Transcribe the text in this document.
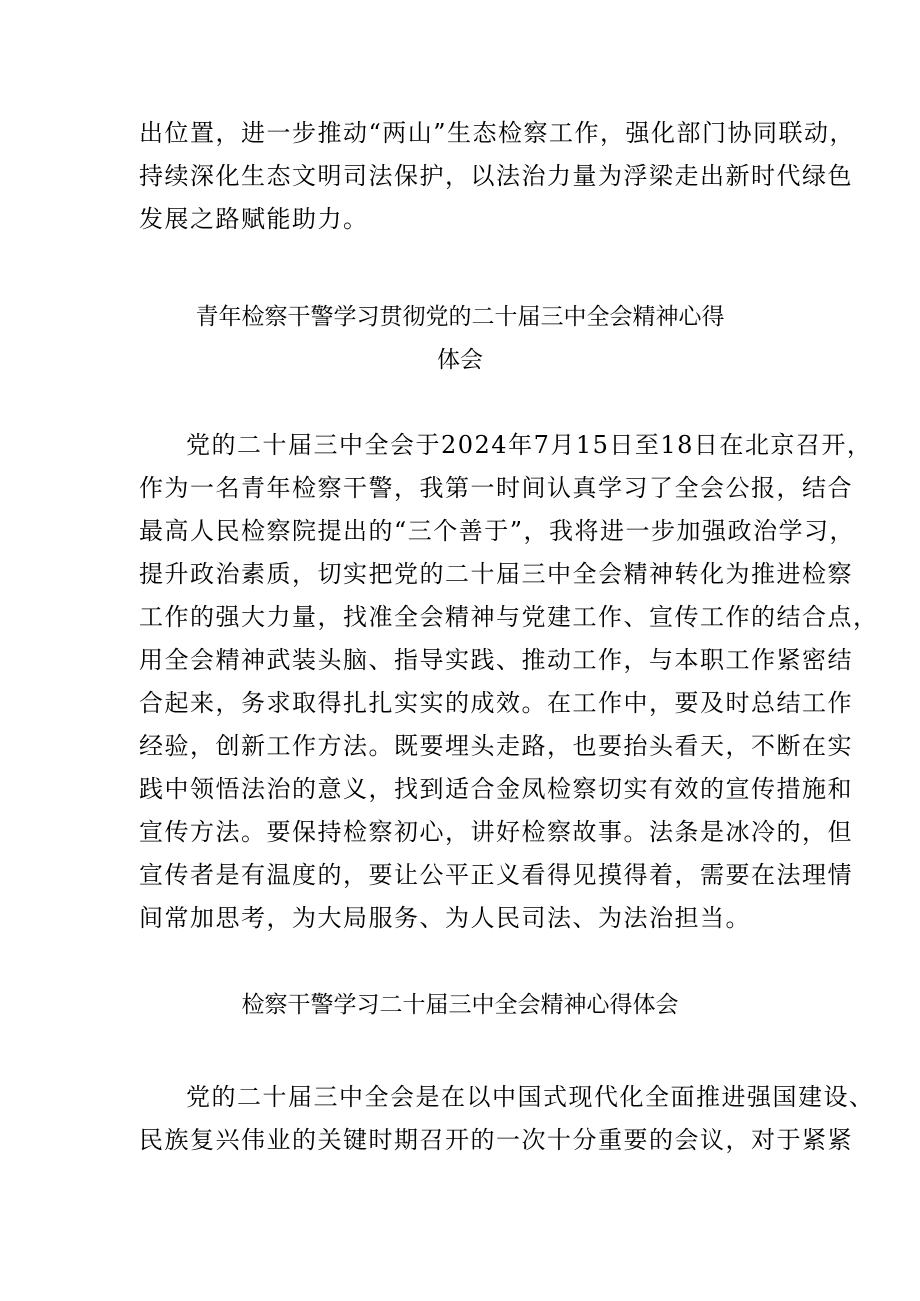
出位置，进一步推动“两山”生态检察工作，强化部门协同联动，
持续深化生态文明司法保护，以法治力量为浮梁走出新时代绿色
发展之路赋能助力。
青年检察干警学习贯彻党的二十届三中全会精神心得
体会
党的二十届三中全会于2024年7月15日至18日在北京召开，
作为一名青年检察干警，我第一时间认真学习了全会公报，结合
最高人民检察院提出的“三个善于”，我将进一步加强政治学习，
提升政治素质，切实把党的二十届三中全会精神转化为推进检察
工作的强大力量，找准全会精神与党建工作、宣传工作的结合点，
用全会精神武装头脑、指导实践、推动工作，与本职工作紧密结
合起来，务求取得扎扎实实的成效。在工作中，要及时总结工作
经验，创新工作方法。既要埋头走路，也要抬头看天，不断在实
践中领悟法治的意义，找到适合金凤检察切实有效的宣传措施和
宣传方法。要保持检察初心，讲好检察故事。法条是冰冷的，但
宣传者是有温度的，要让公平正义看得见摸得着，需要在法理情
间常加思考，为大局服务、为人民司法、为法治担当。
检察干警学习二十届三中全会精神心得体会
党的二十届三中全会是在以中国式现代化全面推进强国建设、
民族复兴伟业的关键时期召开的一次十分重要的会议，对于紧紧
